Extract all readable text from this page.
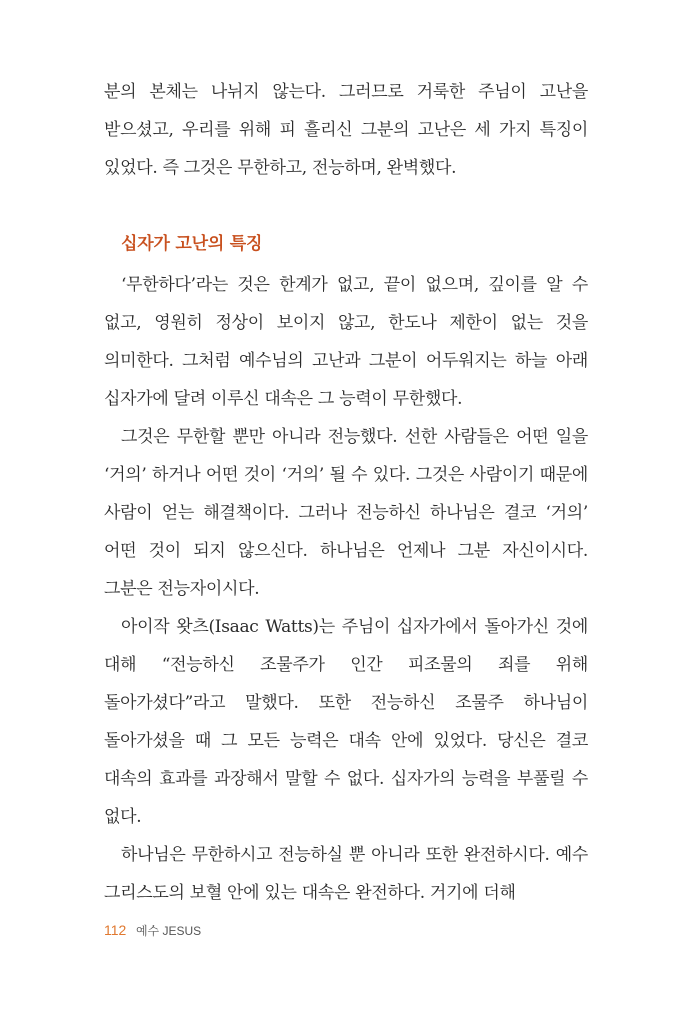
분의 본체는 나뉘지 않는다. 그러므로 거룩한 주님이 고난을 받으셨고, 우리를 위해 피 흘리신 그분의 고난은 세 가지 특징이 있었다. 즉 그것은 무한하고, 전능하며, 완벽했다.

십자가 고난의 특징

‘무한하다’라는 것은 한계가 없고, 끝이 없으며, 깊이를 알 수 없고, 영원히 정상이 보이지 않고, 한도나 제한이 없는 것을 의미한다. 그처럼 예수님의 고난과 그분이 어두워지는 하늘 아래 십자가에 달려 이루신 대속은 그 능력이 무한했다.

그것은 무한할 뿐만 아니라 전능했다. 선한 사람들은 어떤 일을 ‘거의’ 하거나 어떤 것이 ‘거의’ 될 수 있다. 그것은 사람이기 때문에 사람이 얻는 해결책이다. 그러나 전능하신 하나님은 결코 ‘거의’ 어떤 것이 되지 않으신다. 하나님은 언제나 그분 자신이시다. 그분은 전능자이시다.

아이작 왓츠(Isaac Watts)는 주님이 십자가에서 돌아가신 것에 대해 “전능하신 조물주가 인간 피조물의 죄를 위해 돌아가셨다”라고 말했다. 또한 전능하신 조물주 하나님이 돌아가셨을 때 그 모든 능력은 대속 안에 있었다. 당신은 결코 대속의 효과를 과장해서 말할 수 없다. 십자가의 능력을 부풀릴 수 없다.

하나님은 무한하시고 전능하실 뿐 아니라 또한 완전하시다. 예수 그리스도의 보혈 안에 있는 대속은 완전하다. 거기에 더해

112 예수 JESUS
